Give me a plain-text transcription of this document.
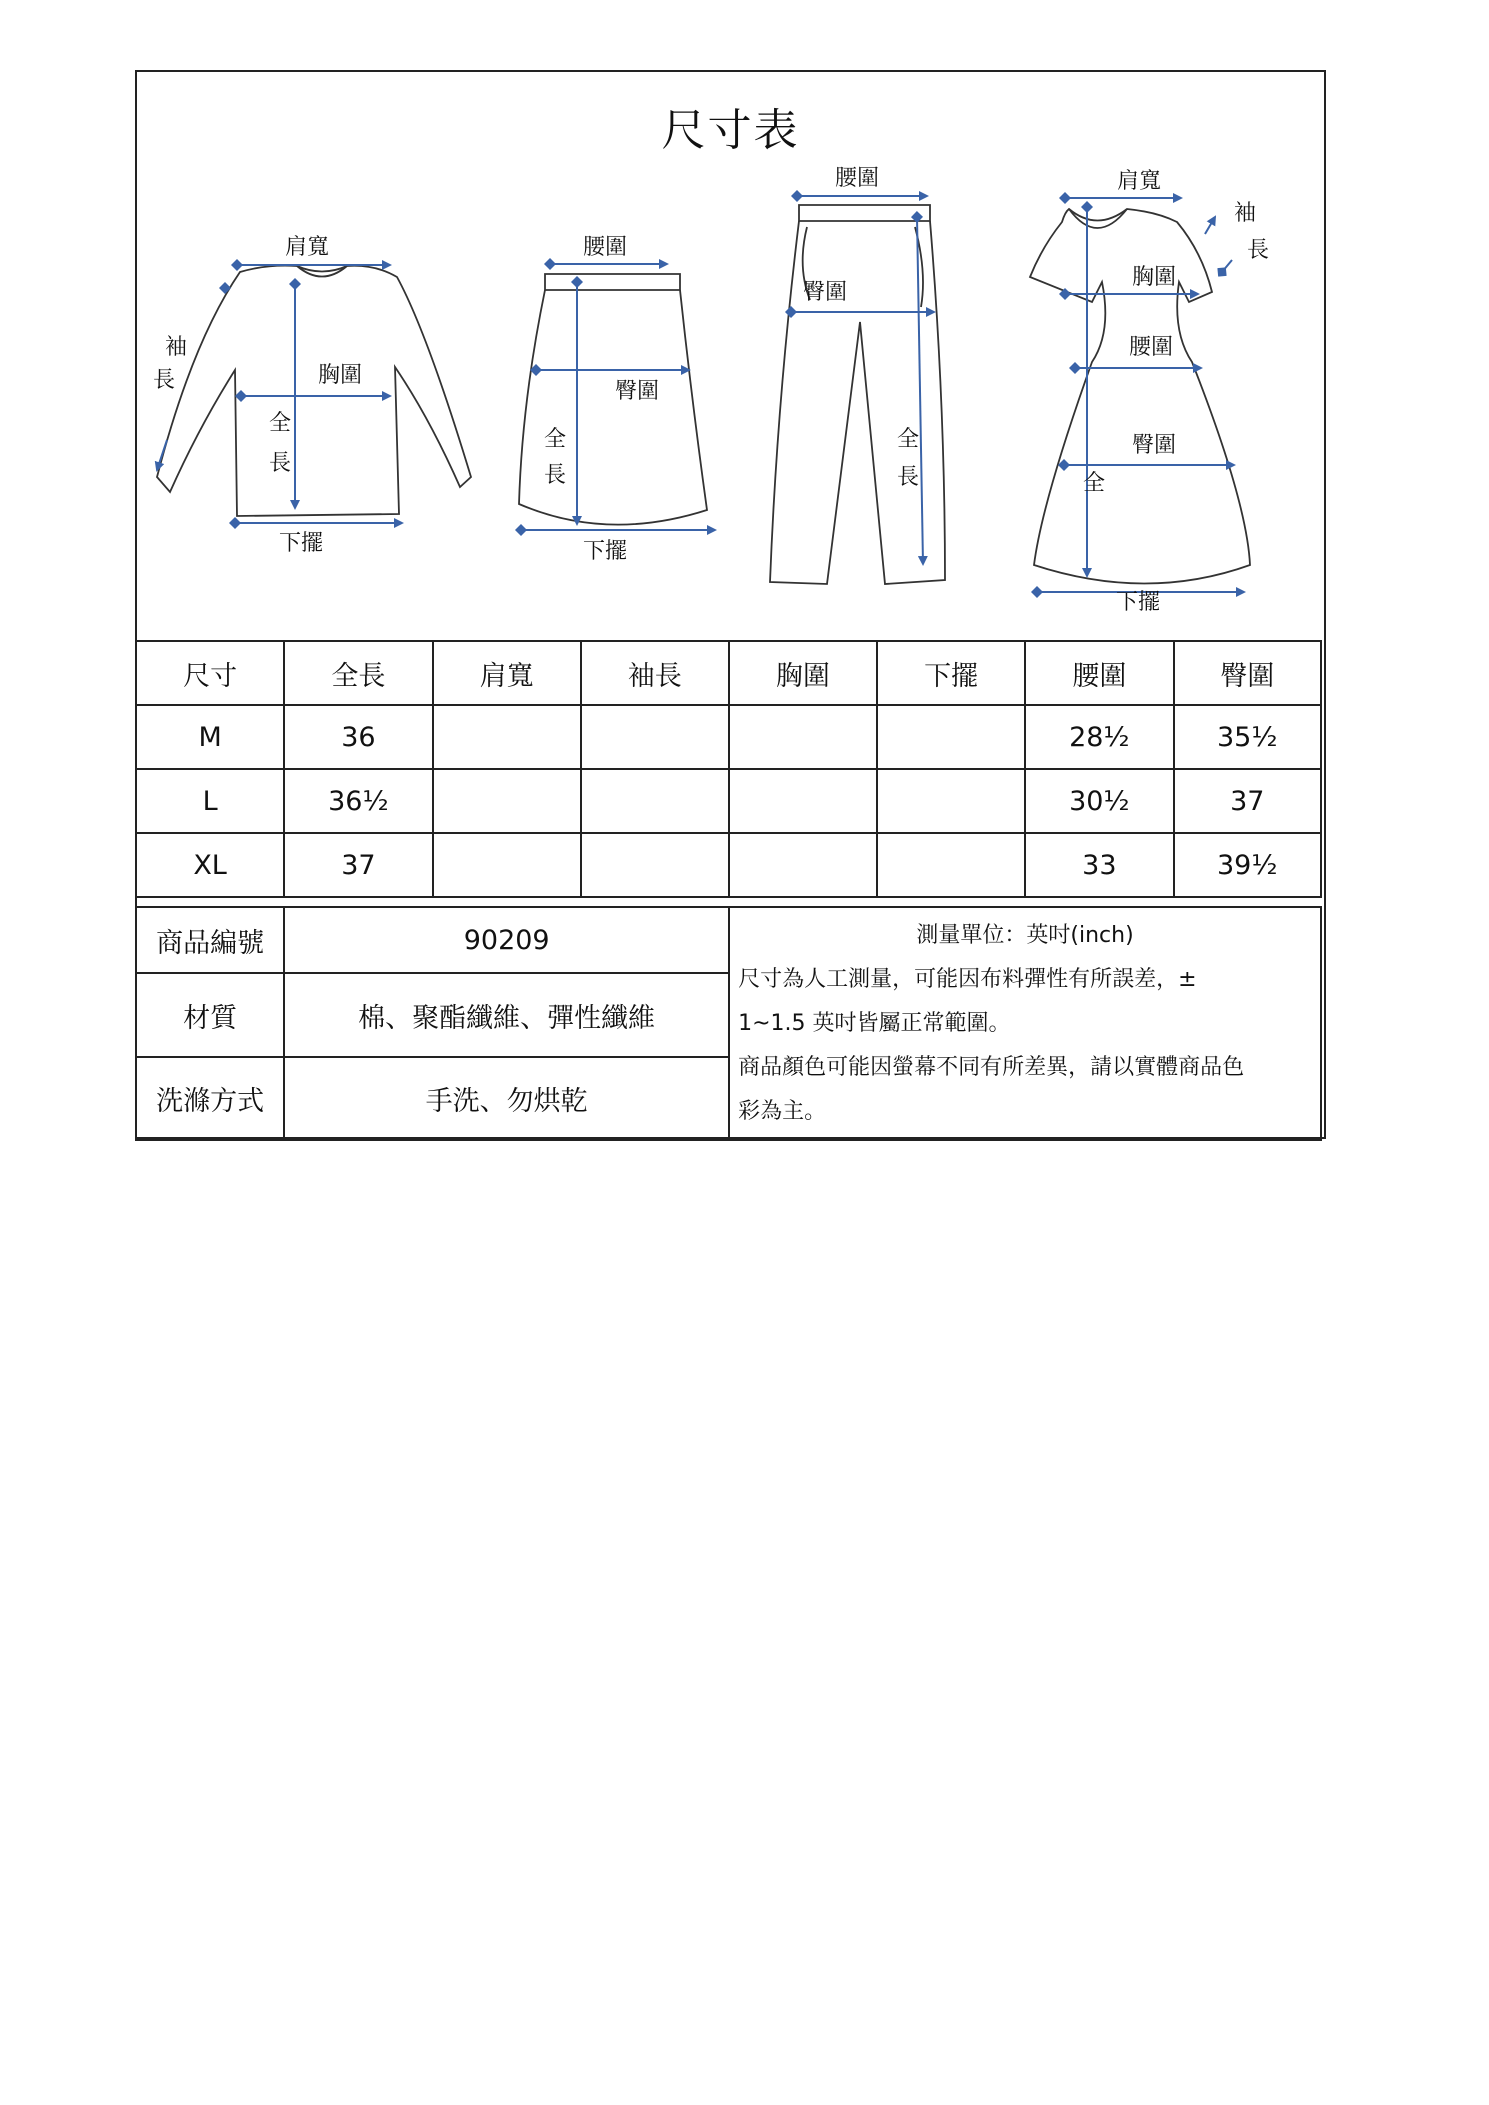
尺寸表
肩寬
袖
長	胸圍
全
長
下擺
腰圍
臀圍
全
長
下擺
腰圍
臀圍
全
長
肩寬
袖
長
胸圍
腰圍
臀圍
全
下擺
尺寸	全長	肩寬	袖長	胸圍	下擺	腰圍	臀圍
M	36					28½	35½
L	36½					30½	37
XL	37					33	39½
商品編號	90209	測量單位：英吋(inch)
尺寸為人工測量，可能因布料彈性有所誤差，±
1~1.5 英吋皆屬正常範圍。
商品顏色可能因螢幕不同有所差異，請以實體商品色
彩為主。
材質	棉、聚酯纖維、彈性纖維	
洗滌方式	手洗、勿烘乾	
